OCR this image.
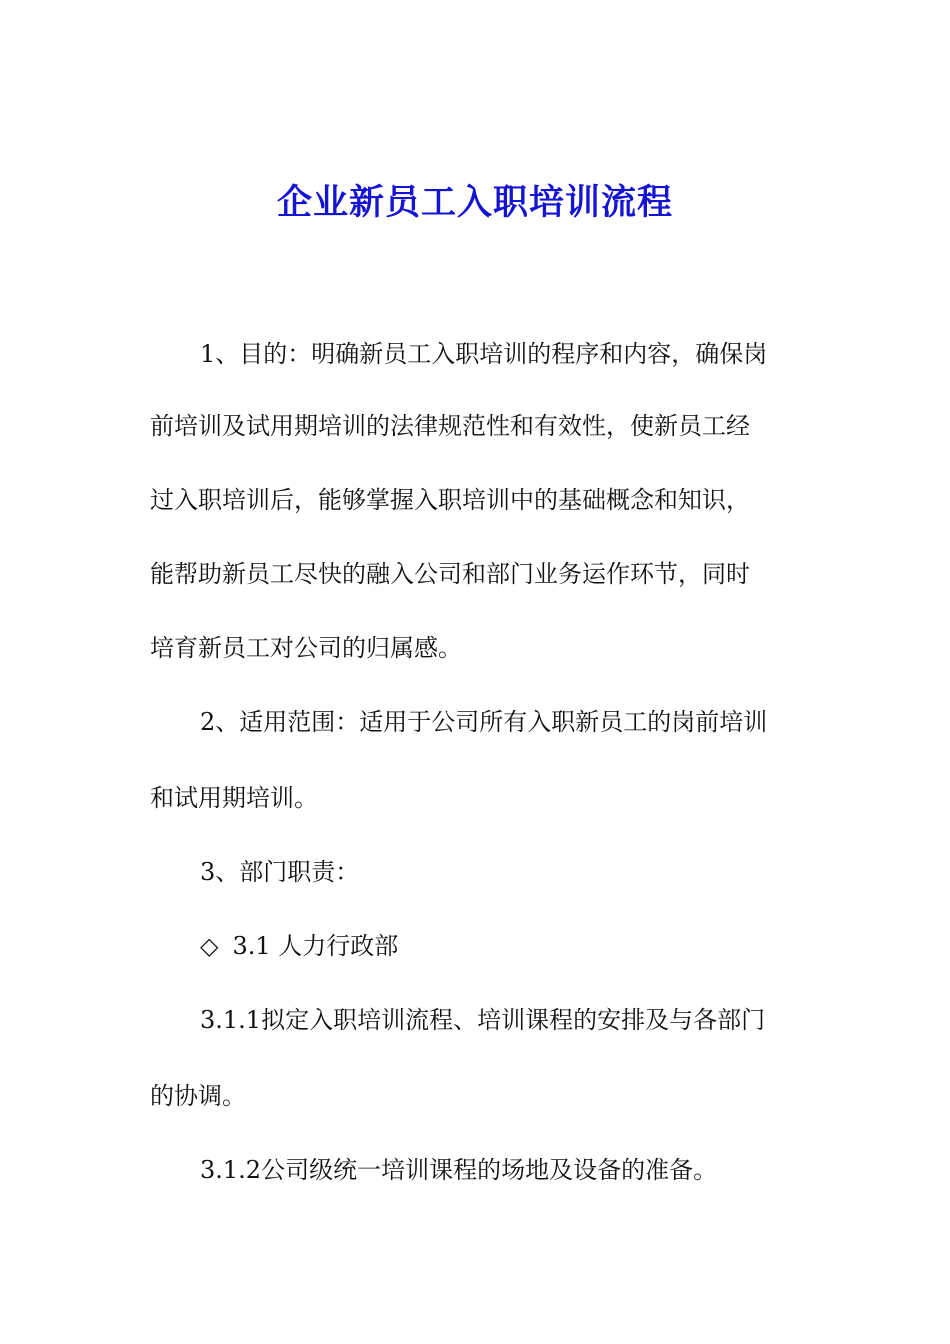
企业新员工入职培训流程
1、目的：明确新员工入职培训的程序和内容，确保岗
前培训及试用期培训的法律规范性和有效性，使新员工经
过入职培训后，能够掌握入职培训中的基础概念和知识，
能帮助新员工尽快的融入公司和部门业务运作环节，同时
培育新员工对公司的归属感。
2、适用范围：适用于公司所有入职新员工的岗前培训
和试用期培训。
3、部门职责：
◇ 3.1 人力行政部
3.1.1拟定入职培训流程、培训课程的安排及与各部门
的协调。
3.1.2公司级统一培训课程的场地及设备的准备。
